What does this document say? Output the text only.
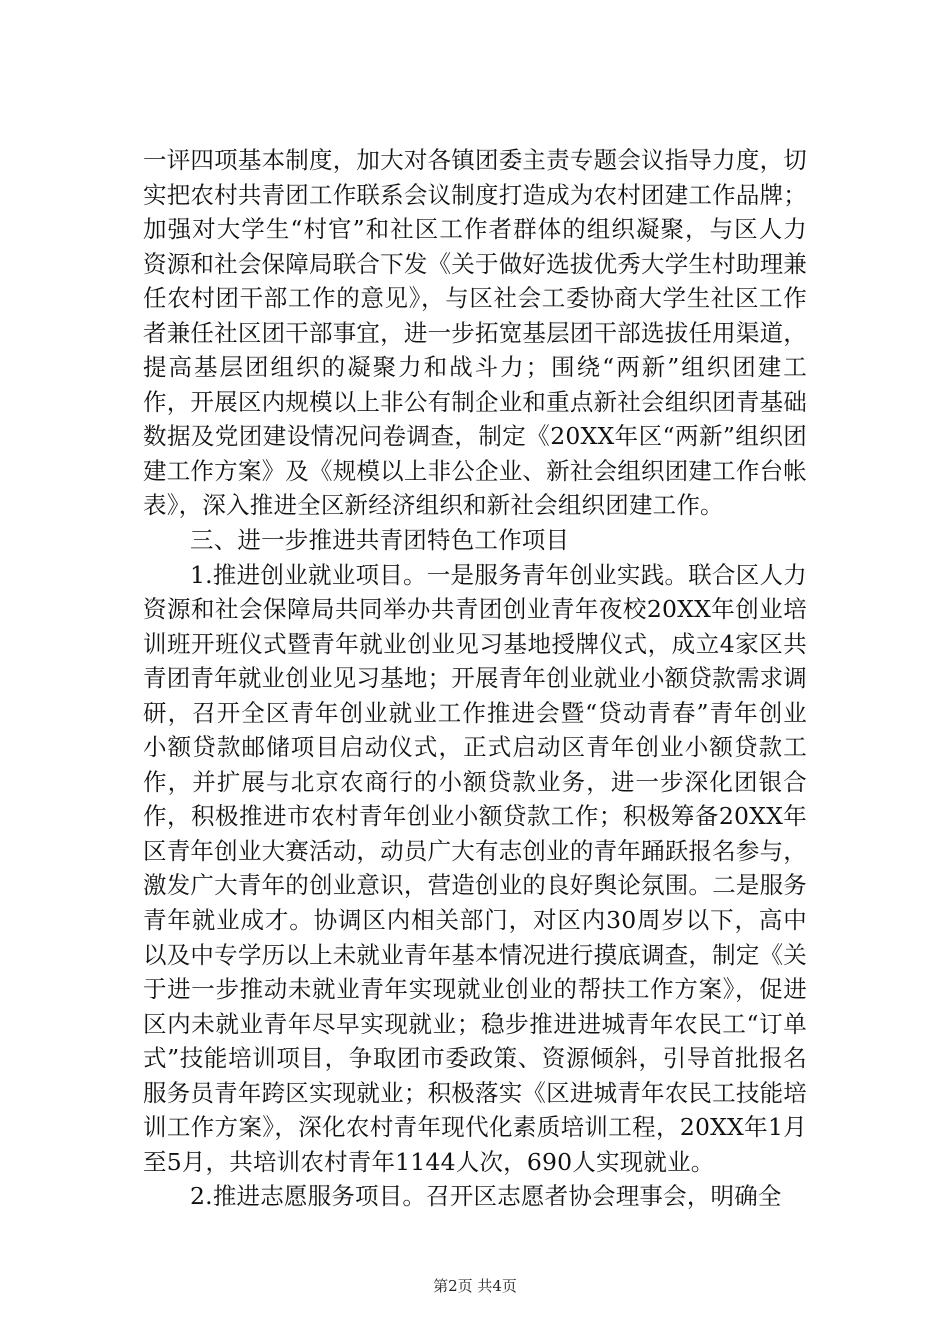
一评四项基本制度，加大对各镇团委主责专题会议指导力度，切实把农村共青团工作联系会议制度打造成为农村团建工作品牌；加强对大学生“村官”和社区工作者群体的组织凝聚，与区人力资源和社会保障局联合下发《关于做好选拔优秀大学生村助理兼任农村团干部工作的意见》，与区社会工委协商大学生社区工作者兼任社区团干部事宜，进一步拓宽基层团干部选拔任用渠道，提高基层团组织的凝聚力和战斗力；围绕“两新”组织团建工作，开展区内规模以上非公有制企业和重点新社会组织团青基础数据及党团建设情况问卷调查，制定《20XX年区“两新”组织团建工作方案》及《规模以上非公企业、新社会组织团建工作台帐表》，深入推进全区新经济组织和新社会组织团建工作。

三、进一步推进共青团特色工作项目

1.推进创业就业项目。一是服务青年创业实践。联合区人力资源和社会保障局共同举办共青团创业青年夜校20XX年创业培训班开班仪式暨青年就业创业见习基地授牌仪式，成立4家区共青团青年就业创业见习基地；开展青年创业就业小额贷款需求调研，召开全区青年创业就业工作推进会暨“贷动青春”青年创业小额贷款邮储项目启动仪式，正式启动区青年创业小额贷款工作，并扩展与北京农商行的小额贷款业务，进一步深化团银合作，积极推进市农村青年创业小额贷款工作；积极筹备20XX年区青年创业大赛活动，动员广大有志创业的青年踊跃报名参与，激发广大青年的创业意识，营造创业的良好舆论氛围。二是服务青年就业成才。协调区内相关部门，对区内30周岁以下，高中以及中专学历以上未就业青年基本情况进行摸底调查，制定《关于进一步推动未就业青年实现就业创业的帮扶工作方案》，促进区内未就业青年尽早实现就业；稳步推进进城青年农民工“订单式”技能培训项目，争取团市委政策、资源倾斜，引导首批报名服务员青年跨区实现就业；积极落实《区进城青年农民工技能培训工作方案》，深化农村青年现代化素质培训工程，20XX年1月至5月，共培训农村青年1144人次，690人实现就业。

2.推进志愿服务项目。召开区志愿者协会理事会，明确全

第2页 共4页
